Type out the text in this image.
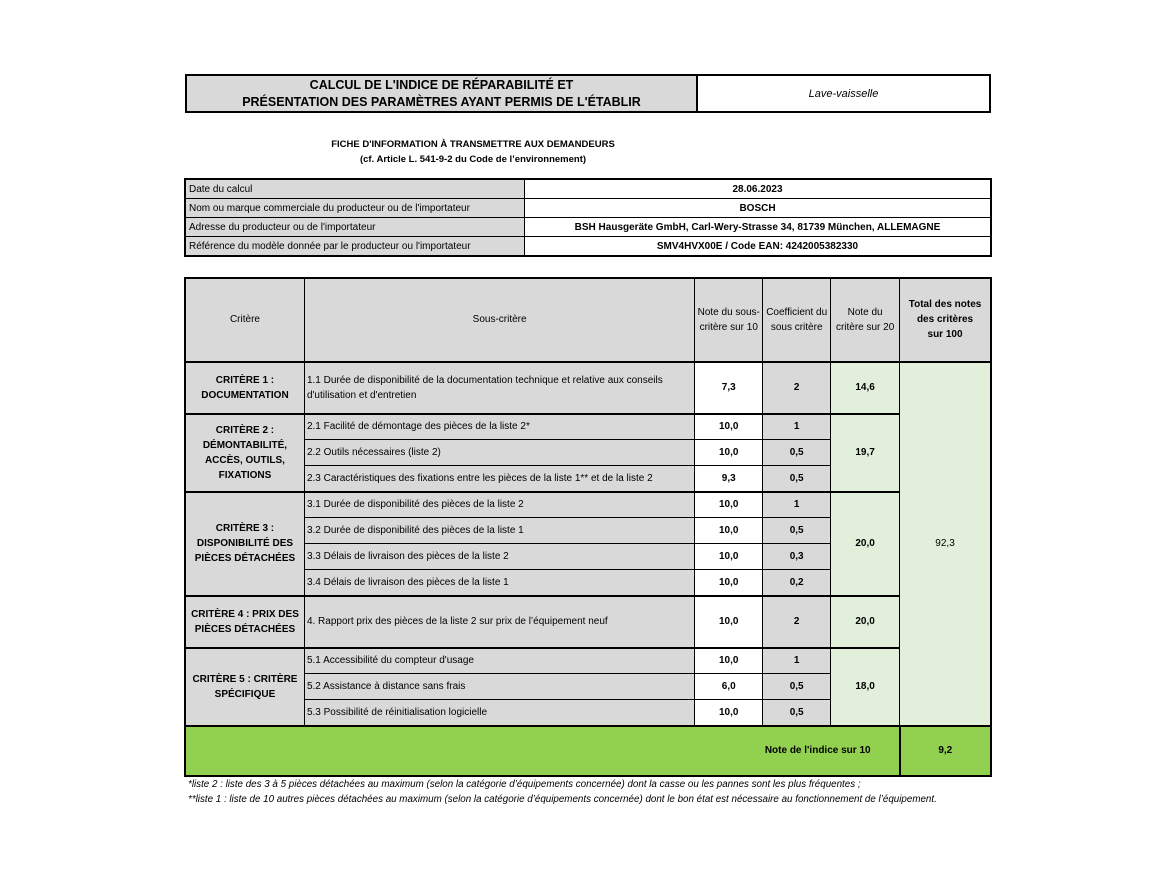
CALCUL DE L'INDICE DE RÉPARABILITÉ ET
PRÉSENTATION DES PARAMÈTRES AYANT PERMIS DE L'ÉTABLIR
Lave-vaisselle
FICHE D'INFORMATION À TRANSMETTRE AUX DEMANDEURS
(cf. Article L. 541-9-2 du Code de l’environnement)
Date du calcul	28.06.2023
Nom ou marque commerciale du producteur ou de l'importateur	BOSCH
Adresse du producteur ou de l'importateur	BSH Hausgeräte GmbH, Carl-Wery-Strasse 34, 81739 München, ALLEMAGNE
Référence du modèle donnée par le producteur ou l'importateur	SMV4HVX00E / Code EAN: 4242005382330
Critère	Sous-critère	Note du sous-
critère sur 10	Coefficient du
sous critère	Note du
critère sur 20	Total des notes
des critères
sur 100
CRITÈRE 1 :
DOCUMENTATION	1.1 Durée de disponibilité de la documentation technique et relative aux conseils
d'utilisation et d'entretien	7,3	2	14,6	92,3
CRITÈRE 2 :
DÉMONTABILITÉ,
ACCÈS, OUTILS,
FIXATIONS	2.1 Facilité de démontage des pièces de la liste 2*	10,0	1	19,7	
	2.2 Outils nécessaires (liste 2)	10,0	0,5		
	2.3 Caractéristiques des fixations entre les pièces de la liste 1** et de la liste 2	9,3	0,5		
CRITÈRE 3 :
DISPONIBILITÉ DES
PIÈCES DÉTACHÉES	3.1 Durée de disponibilité des pièces de la liste 2	10,0	1	20,0	
	3.2 Durée de disponibilité des pièces de la liste 1	10,0	0,5		
	3.3 Délais de livraison des pièces de la liste 2	10,0	0,3		
	3.4 Délais de livraison des pièces de la liste 1	10,0	0,2		
CRITÈRE 4 : PRIX DES
PIÈCES DÉTACHÉES	4. Rapport prix des pièces de la liste 2 sur prix de l’équipement neuf	10,0	2	20,0	
CRITÈRE 5 : CRITÈRE
SPÉCIFIQUE	5.1 Accessibilité du compteur d'usage	10,0	1	18,0	
	5.2 Assistance à distance sans frais	6,0	0,5		
	5.3 Possibilité de réinitialisation logicielle	10,0	0,5		
Note de l'indice sur 10					9,2
*liste 2 : liste des 3 à 5 pièces détachées au maximum (selon la catégorie d’équipements concernée) dont la casse ou les pannes sont les plus fréquentes ;
**liste 1 : liste de 10 autres pièces détachées au maximum (selon la catégorie d’équipements concernée) dont le bon état est nécessaire au fonctionnement de l’équipement.
